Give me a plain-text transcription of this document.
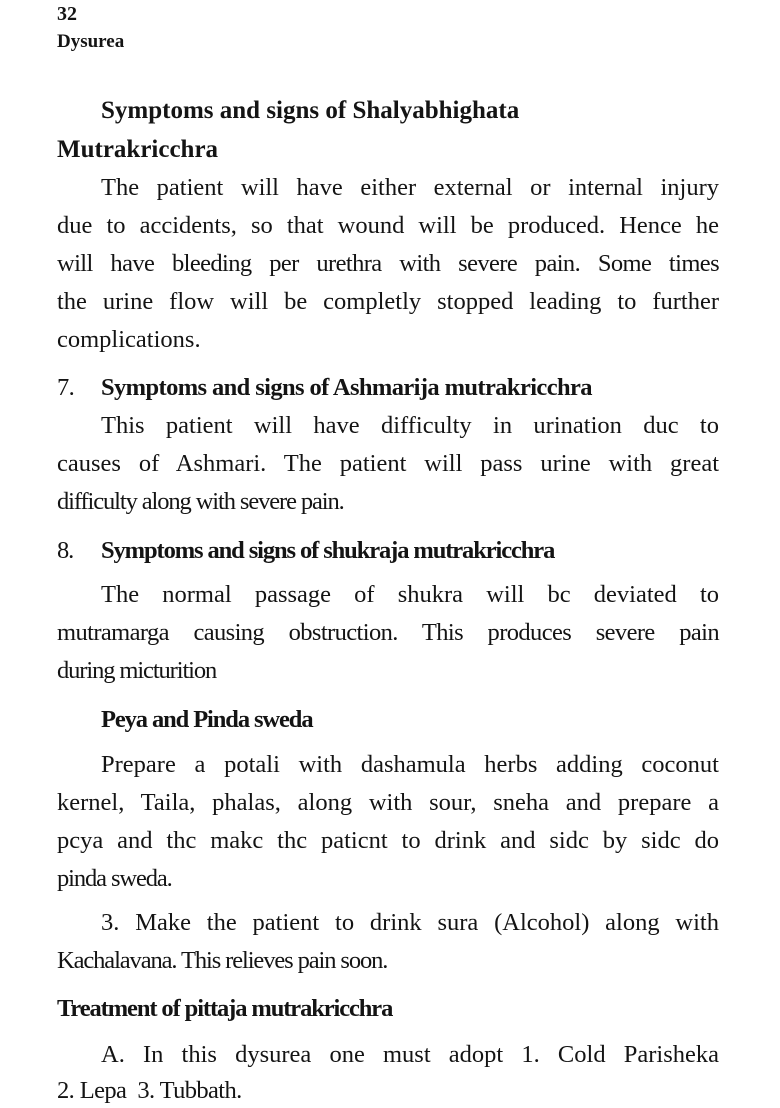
32
Dysurea
Symptoms and signs of Shalyabhighata
Mutrakricchra
The patient will have either external or internal injury
due to accidents, so that wound will be produced. Hence he
will have bleeding per urethra with severe pain. Some times
the urine flow will be completly stopped leading to further
complications.
7. Symptoms and signs of Ashmarija mutrakricchra
This patient will have difficulty in urination duc to
causes of Ashmari. The patient will pass urine with great
difficulty along with severe pain.
8. Symptoms and signs of shukraja mutrakricchra
The normal passage of shukra will bc deviated to
mutramarga causing obstruction. This produces severe pain
during micturition
Peya and Pinda sweda
Prepare a potali with dashamula herbs adding coconut
kernel, Taila, phalas, along with sour, sneha and prepare a
pcya and thc makc thc paticnt to drink and sidc by sidc do
pinda sweda.
3. Make the patient to drink sura (Alcohol) along with
Kachalavana. This relieves pain soon.
Treatment of pittaja mutrakricchra
A. In this dysurea one must adopt 1. Cold Parisheka
2. Lepa  3. Tubbath.
